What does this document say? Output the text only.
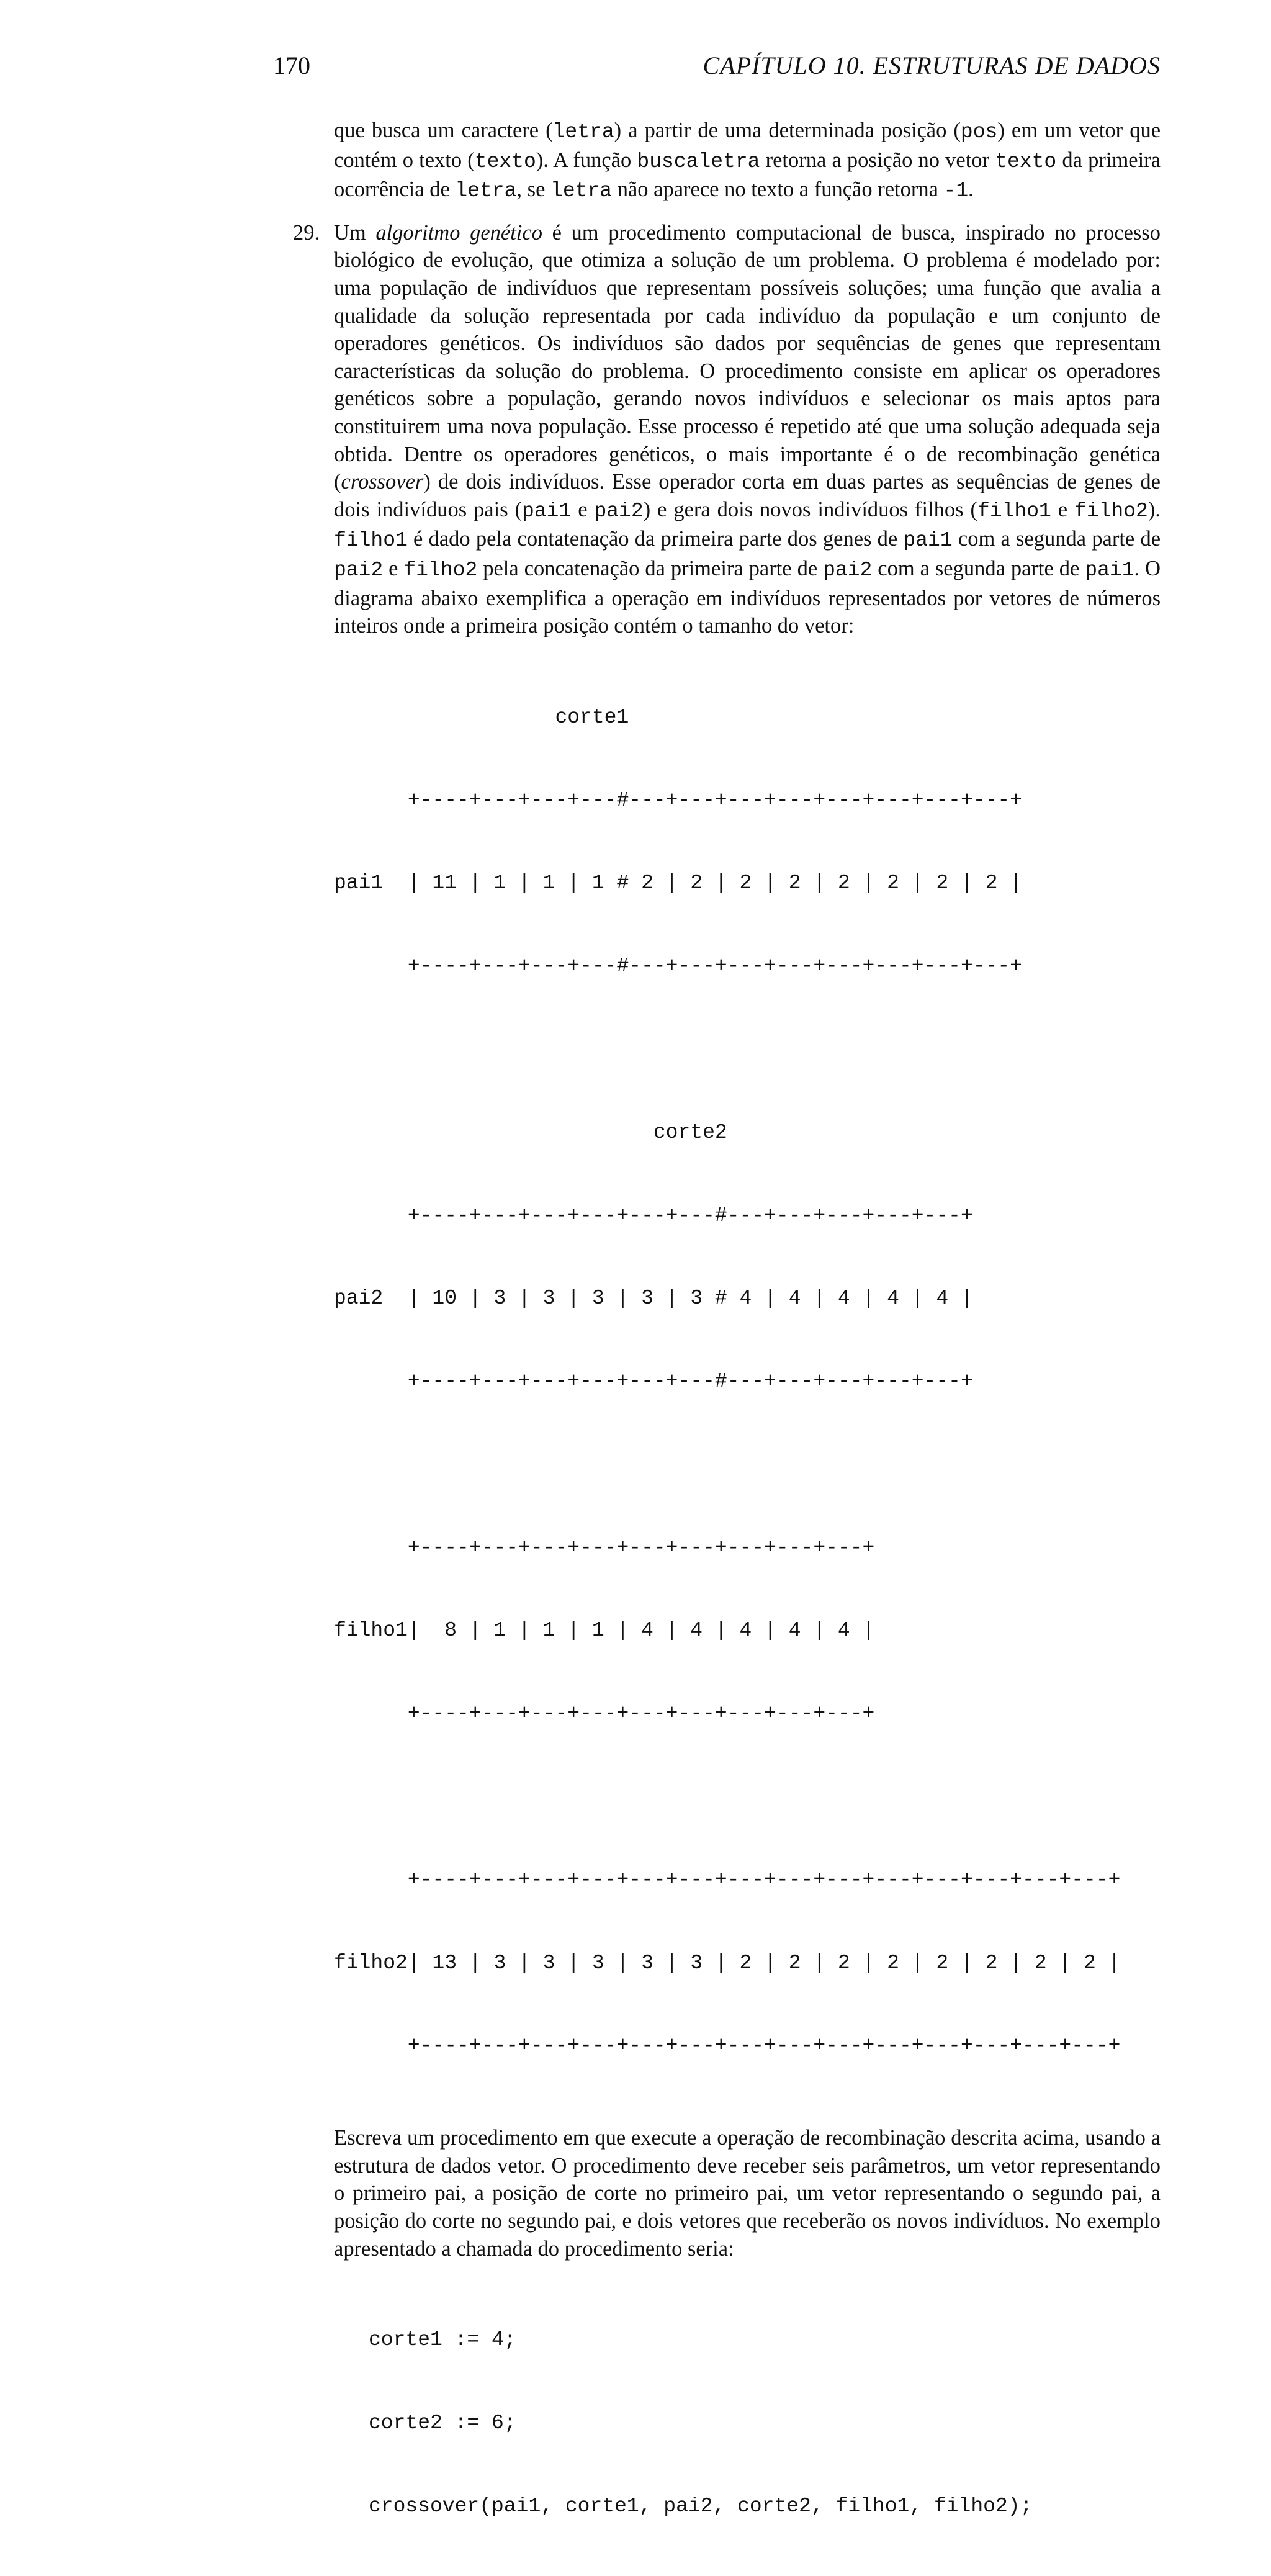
170	CAPÍTULO 10. ESTRUTURAS DE DADOS

que busca um caractere (letra) a partir de uma determinada posição (pos) em um vetor que contém o texto (texto). A função buscaletra retorna a posição no vetor texto da primeira ocorrência de letra, se letra não aparece no texto a função retorna -1.

29. Um algoritmo genético é um procedimento computacional de busca, inspirado no processo biológico de evolução, que otimiza a solução de um problema. O problema é modelado por: uma população de indivíduos que representam possíveis soluções; uma função que avalia a qualidade da solução representada por cada indivíduo da população e um conjunto de operadores genéticos. Os indivíduos são dados por sequências de genes que representam características da solução do problema. O procedimento consiste em aplicar os operadores genéticos sobre a população, gerando novos indivíduos e selecionar os mais aptos para constituirem uma nova população. Esse processo é repetido até que uma solução adequada seja obtida. Dentre os operadores genéticos, o mais importante é o de recombinação genética (crossover) de dois indivíduos. Esse operador corta em duas partes as sequências de genes de dois indivíduos pais (pai1 e pai2) e gera dois novos indivíduos filhos (filho1 e filho2). filho1 é dado pela contatenação da primeira parte dos genes de pai1 com a segunda parte de pai2 e filho2 pela concatenação da primeira parte de pai2 com a segunda parte de pai1. O diagrama abaixo exemplifica a operação em indivíduos representados por vetores de números inteiros onde a primeira posição contém o tamanho do vetor:

corte1

+----+---+---+---#---+---+---+---+---+---+---+---+

pai1  | 11 | 1 | 1 | 1 # 2 | 2 | 2 | 2 | 2 | 2 | 2 | 2 |

+----+---+---+---#---+---+---+---+---+---+---+---+

corte2

+----+---+---+---+---+---#---+---+---+---+---+

pai2  | 10 | 3 | 3 | 3 | 3 | 3 # 4 | 4 | 4 | 4 | 4 |

+----+---+---+---+---+---#---+---+---+---+---+

+----+---+---+---+---+---+---+---+---+

filho1|  8 | 1 | 1 | 1 | 4 | 4 | 4 | 4 | 4 |

+----+---+---+---+---+---+---+---+---+

+----+---+---+---+---+---+---+---+---+---+---+---+---+---+

filho2| 13 | 3 | 3 | 3 | 3 | 3 | 2 | 2 | 2 | 2 | 2 | 2 | 2 | 2 |

+----+---+---+---+---+---+---+---+---+---+---+---+---+---+

Escreva um procedimento em que execute a operação de recombinação descrita acima, usando a estrutura de dados vetor. O procedimento deve receber seis parâmetros, um vetor representando o primeiro pai, a posição de corte no primeiro pai, um vetor representando o segundo pai, a posição do corte no segundo pai, e dois vetores que receberão os novos indivíduos. No exemplo apresentado a chamada do procedimento seria:

corte1 := 4;

corte2 := 6;

crossover(pai1, corte1, pai2, corte2, filho1, filho2);
